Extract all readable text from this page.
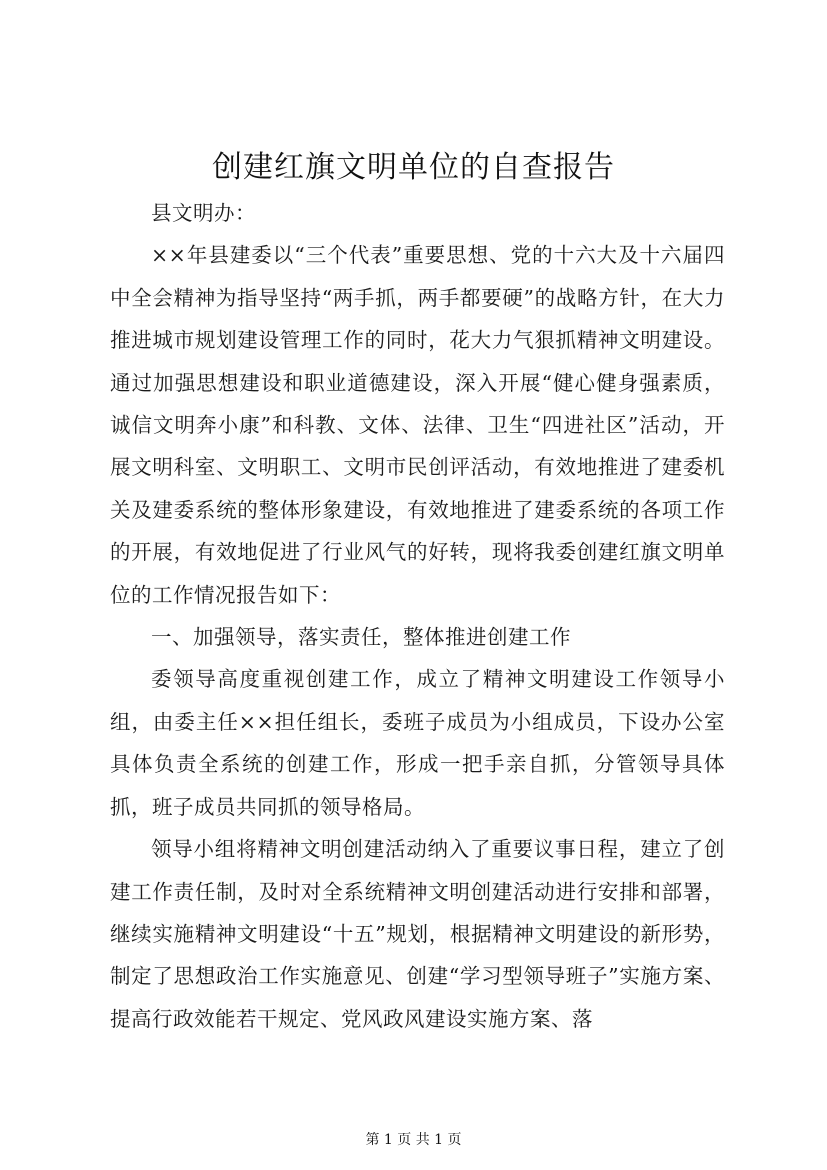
创建红旗文明单位的自查报告

县文明办：

××年县建委以“三个代表”重要思想、党的十六大及十六届四中全会精神为指导坚持“两手抓，两手都要硬”的战略方针，在大力推进城市规划建设管理工作的同时，花大力气狠抓精神文明建设。通过加强思想建设和职业道德建设，深入开展“健心健身强素质，诚信文明奔小康”和科教、文体、法律、卫生“四进社区”活动，开展文明科室、文明职工、文明市民创评活动，有效地推进了建委机关及建委系统的整体形象建设，有效地推进了建委系统的各项工作的开展，有效地促进了行业风气的好转，现将我委创建红旗文明单位的工作情况报告如下：

一、加强领导，落实责任，整体推进创建工作

委领导高度重视创建工作，成立了精神文明建设工作领导小组，由委主任××担任组长，委班子成员为小组成员，下设办公室具体负责全系统的创建工作，形成一把手亲自抓，分管领导具体抓，班子成员共同抓的领导格局。

领导小组将精神文明创建活动纳入了重要议事日程，建立了创建工作责任制，及时对全系统精神文明创建活动进行安排和部署，继续实施精神文明建设“十五”规划，根据精神文明建设的新形势，制定了思想政治工作实施意见、创建“学习型领导班子”实施方案、提高行政效能若干规定、党风政风建设实施方案、落

第 1 页 共 1 页
